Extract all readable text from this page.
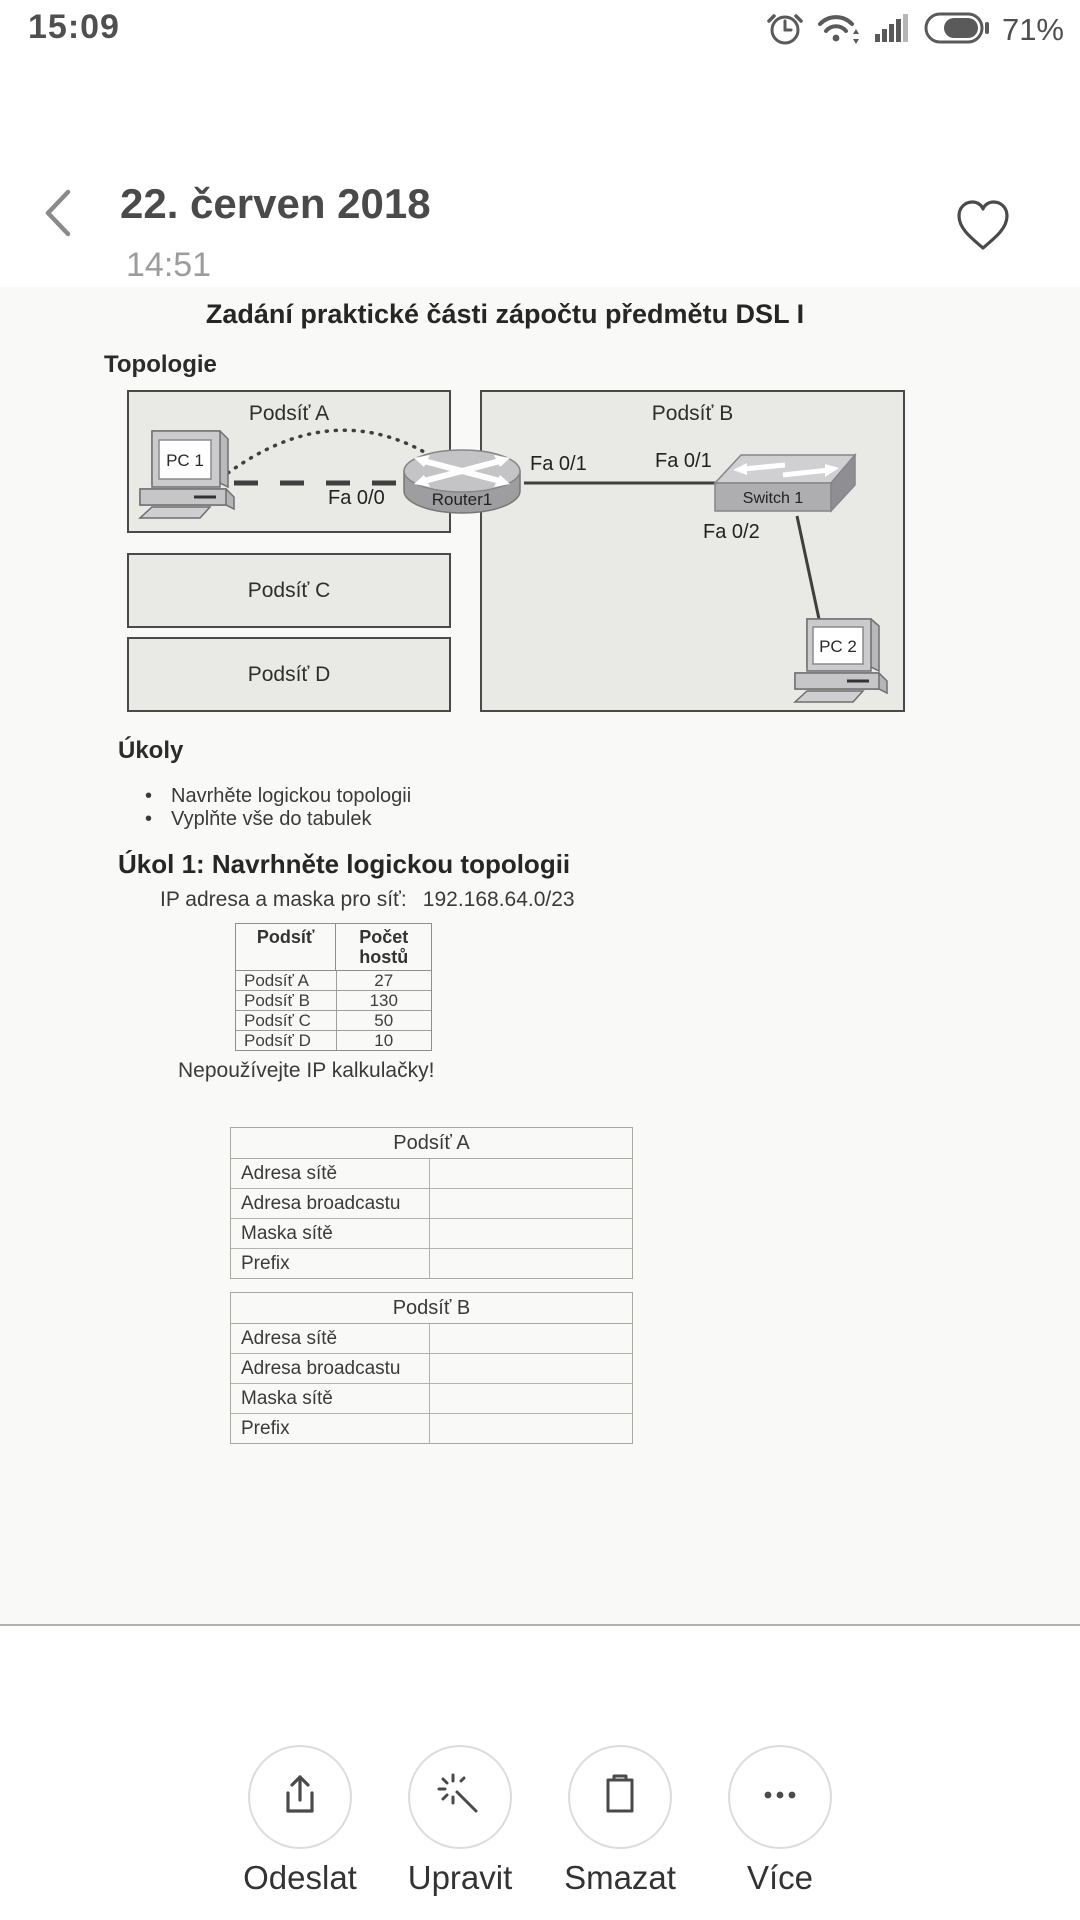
15:09	71%
22. červen 2018
14:51
Zadání praktické části zápočtu předmětu DSL I
Topologie
Podsíť A	Podsíť B
Podsíť C
Podsíť D
PC 1
Router1	Switch 1
PC 2
Fa 0/0
Fa 0/1	Fa 0/1
Fa 0/2
Úkoly
• Navrhěte logickou topologii
• Vyplňte vše do tabulek
Úkol 1: Navrhněte logickou topologii
IP adresa a maska pro síť: 192.168.64.0/23
Podsíť	Počet hostů
Podsíť A	27
Podsíť B	130
Podsíť C	50
Podsíť D	10
Nepoužívejte IP kalkulačky!
Podsíť A
Adresa sítě
Adresa broadcastu
Maska sítě
Prefix
Podsíť B
Adresa sítě
Adresa broadcastu
Maska sítě
Prefix
Odeslat Upravit Smazat Více
